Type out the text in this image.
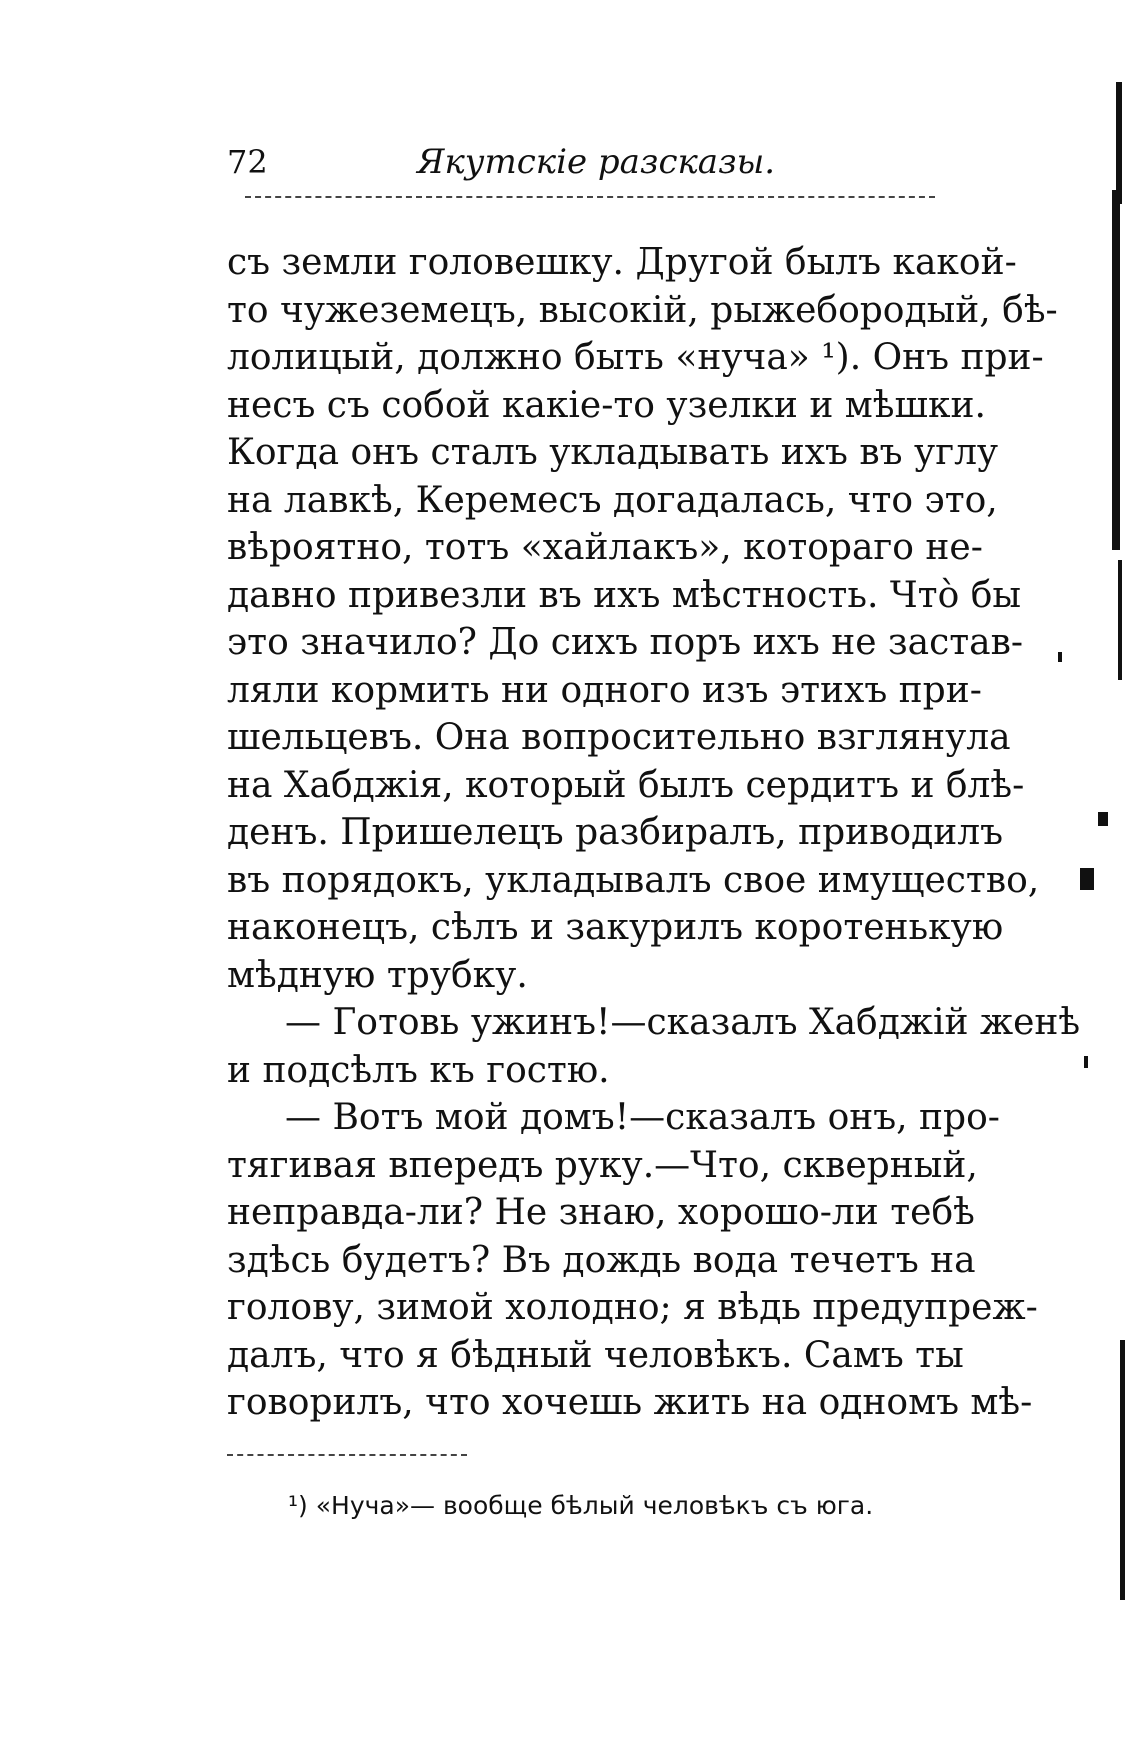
72	Якутскіе разсказы.
съ земли головешку. Другой былъ какой-
то чужеземецъ, высокій, рыжебородый, бѣ-
лолицый, должно быть «нуча» ¹). Онъ при-
несъ съ собой какіе-то узелки и мѣшки.
Когда онъ сталъ укладывать ихъ въ углу
на лавкѣ, Керемесъ догадалась, что это,
вѣроятно, тотъ «хайлакъ», котораго не-
давно привезли въ ихъ мѣстность. Чтò бы
это значило? До сихъ поръ ихъ не застав-
ляли кормить ни одного изъ этихъ при-
шельцевъ. Она вопросительно взглянула
на Хабджія, который былъ сердитъ и блѣ-
денъ. Пришелецъ разбиралъ, приводилъ
въ порядокъ, укладывалъ свое имущество,
наконецъ, сѣлъ и закурилъ коротенькую
мѣдную трубку.
— Готовь ужинъ!—сказалъ Хабджій женѣ
и подсѣлъ къ гостю.
— Вотъ мой домъ!—сказалъ онъ, про-
тягивая впередъ руку.—Что, скверный,
неправда-ли? Не знаю, хорошо-ли тебѣ
здѣсь будетъ? Въ дождь вода течетъ на
голову, зимой холодно; я вѣдь предупреж-
далъ, что я бѣдный человѣкъ. Самъ ты
говорилъ, что хочешь жить на одномъ мѣ-
¹) «Нуча»— вообще бѣлый человѣкъ съ юга.
